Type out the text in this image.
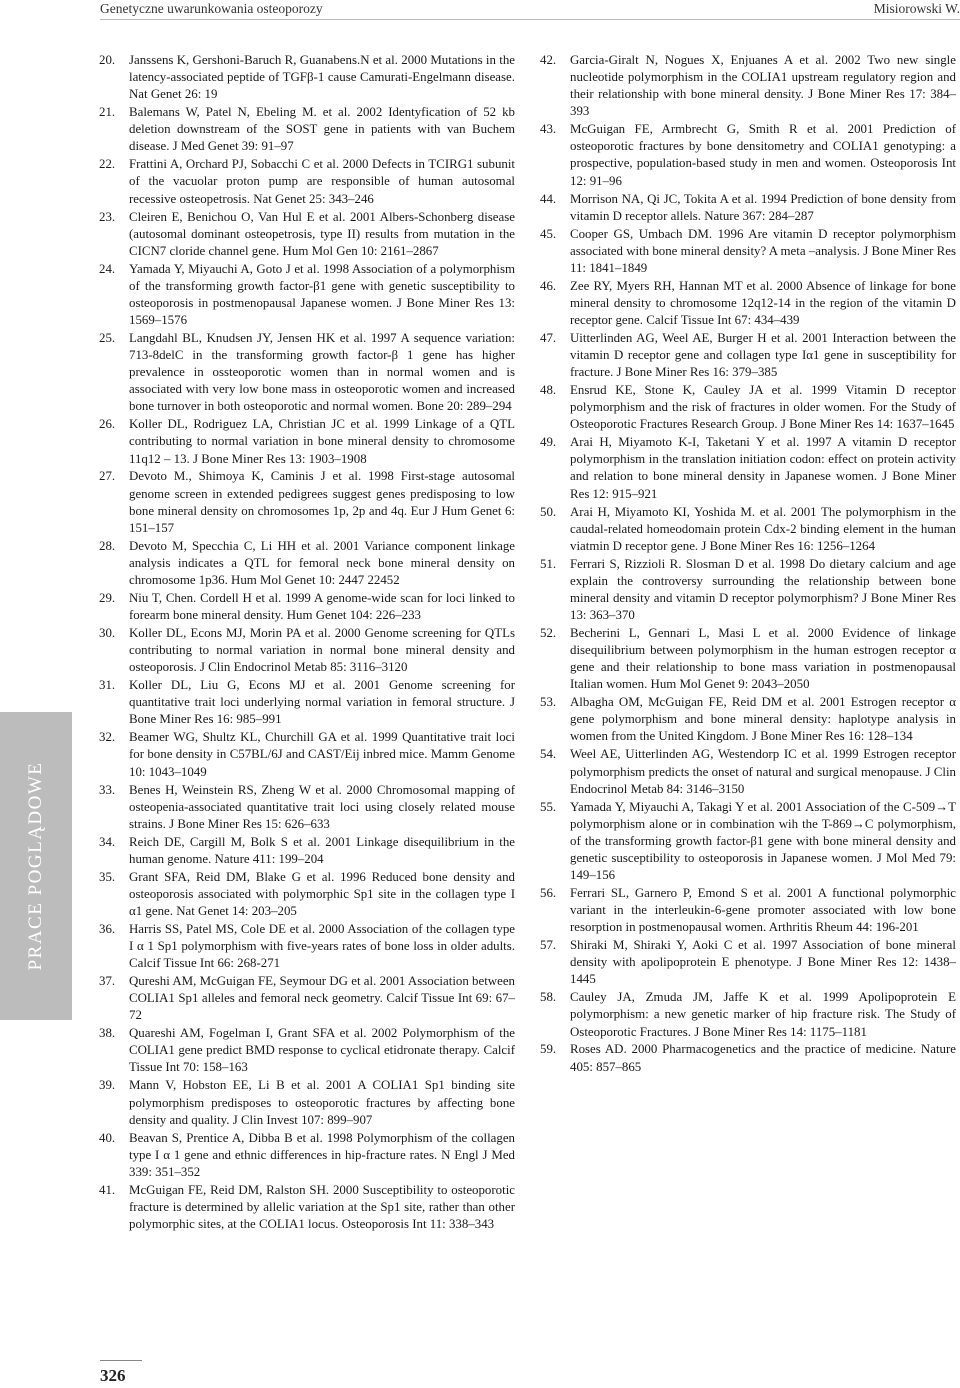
Genetyczne uwarunkowania osteoporozy	Misiorowski W.
PRACE POGLĄDOWE
20. Janssens K, Gershoni-Baruch R, Guanabens.N et al. 2000 Mutations in the latency-associated peptide of TGFβ-1 cause Camurati-Engelmann disease. Nat Genet 26: 19
21. Balemans W, Patel N, Ebeling M. et al. 2002 Identyfication of 52 kb deletion downstream of the SOST gene in patients with van Buchem disease. J Med Genet 39: 91–97
22. Frattini A, Orchard PJ, Sobacchi C et al. 2000 Defects in TCIRG1 subunit of the vacuolar proton pump are responsible of human autosomal recessive osteopetrosis. Nat Genet 25: 343–246
23. Cleiren E, Benichou O, Van Hul E et al. 2001 Albers-Schonberg disease (autosomal dominant osteopetrosis, type II) results from mutation in the CICN7 cloride channel gene. Hum Mol Gen 10: 2161–2867
24. Yamada Y, Miyauchi A, Goto J et al. 1998 Association of a polymorphism of the transforming growth factor-β1 gene with genetic susceptibility to osteoporosis in postmenopausal Japanese women. J Bone Miner Res 13: 1569–1576
25. Langdahl BL, Knudsen JY, Jensen HK et al. 1997 A sequence variation: 713-8delC in the transforming growth factor-β 1 gene has higher prevalence in ossteoporotic women than in normal women and is associated with very low bone mass in osteoporotic women and increased bone turnover in both osteoporotic and normal women. Bone 20: 289–294
26. Koller DL, Rodriguez LA, Christian JC et al. 1999 Linkage of a QTL contributing to normal variation in bone mineral density to chromosome 11q12 – 13. J Bone Miner Res 13: 1903–1908
27. Devoto M., Shimoya K, Caminis J et al. 1998 First-stage autosomal genome screen in extended pedigrees suggest genes predisposing to low bone mineral density on chromosomes 1p, 2p and 4q. Eur J Hum Genet 6: 151–157
28. Devoto M, Specchia C, Li HH et al. 2001 Variance component linkage analysis indicates a QTL for femoral neck bone mineral density on chromosome 1p36. Hum Mol Genet 10: 2447 22452
29. Niu T, Chen. Cordell H et al. 1999 A genome-wide scan for loci linked to forearm bone mineral density. Hum Genet 104: 226–233
30. Koller DL, Econs MJ, Morin PA et al. 2000 Genome screening for QTLs contributing to normal variation in normal bone mineral density and osteoporosis. J Clin Endocrinol Metab 85: 3116–3120
31. Koller DL, Liu G, Econs MJ et al. 2001 Genome screening for quantitative trait loci underlying normal variation in femoral structure. J Bone Miner Res 16: 985–991
32. Beamer WG, Shultz KL, Churchill GA et al. 1999 Quantitative trait loci for bone density in C57BL/6J and CAST/Eij inbred mice. Mamm Genome 10: 1043–1049
33. Benes H, Weinstein RS, Zheng W et al. 2000 Chromosomal mapping of osteopenia-associated quantitative trait loci using closely related mouse strains. J Bone Miner Res 15: 626–633
34. Reich DE, Cargill M, Bolk S et al. 2001 Linkage disequilibrium in the human genome. Nature 411: 199–204
35. Grant SFA, Reid DM, Blake G et al. 1996 Reduced bone density and osteoporosis associated with polymorphic Sp1 site in the collagen type I α1 gene. Nat Genet 14: 203–205
36. Harris SS, Patel MS, Cole DE et al. 2000 Association of the collagen type I α 1 Sp1 polymorphism with five-years rates of bone loss in older adults. Calcif Tissue Int 66: 268-271
37. Qureshi AM, McGuigan FE, Seymour DG et al. 2001 Association between COLIA1 Sp1 alleles and femoral neck geometry. Calcif Tissue Int 69: 67–72
38. Quareshi AM, Fogelman I, Grant SFA et al. 2002 Polymorphism of the COLIA1 gene predict BMD response to cyclical etidronate therapy. Calcif Tissue Int 70: 158–163
39. Mann V, Hobston EE, Li B et al. 2001 A COLIA1 Sp1 binding site polymorphism predisposes to osteoporotic fractures by affecting bone density and quality. J Clin Invest 107: 899–907
40. Beavan S, Prentice A, Dibba B et al. 1998 Polymorphism of the collagen type I α 1 gene and ethnic differences in hip-fracture rates. N Engl J Med 339: 351–352
41. McGuigan FE, Reid DM, Ralston SH. 2000 Susceptibility to osteoporotic fracture is determined by allelic variation at the Sp1 site, rather than other polymorphic sites, at the COLIA1 locus. Osteoporosis Int 11: 338–343
42. Garcia-Giralt N, Nogues X, Enjuanes A et al. 2002 Two new single nucleotide polymorphism in the COLIA1 upstream regulatory region and their relationship with bone mineral density. J Bone Miner Res 17: 384–393
43. McGuigan FE, Armbrecht G, Smith R et al. 2001 Prediction of osteoporotic fractures by bone densitometry and COLIA1 genotyping: a prospective, population-based study in men and women. Osteoporosis Int 12: 91–96
44. Morrison NA, Qi JC, Tokita A et al. 1994 Prediction of bone density from vitamin D receptor allels. Nature 367: 284–287
45. Cooper GS, Umbach DM. 1996 Are vitamin D receptor polymorphism associated with bone mineral density? A meta –analysis. J Bone Miner Res 11: 1841–1849
46. Zee RY, Myers RH, Hannan MT et al. 2000 Absence of linkage for bone mineral density to chromosome 12q12-14 in the region of the vitamin D receptor gene. Calcif Tissue Int 67: 434–439
47. Uitterlinden AG, Weel AE, Burger H et al. 2001 Interaction between the vitamin D receptor gene and collagen type Iα1 gene in susceptibility for fracture. J Bone Miner Res 16: 379–385
48. Ensrud KE, Stone K, Cauley JA et al. 1999 Vitamin D receptor polymorphism and the risk of fractures in older women. For the Study of Osteoporotic Fractures Research Group. J Bone Miner Res 14: 1637–1645
49. Arai H, Miyamoto K-I, Taketani Y et al. 1997 A vitamin D receptor polymorphism in the translation initiation codon: effect on protein activity and relation to bone mineral density in Japanese women. J Bone Miner Res 12: 915–921
50. Arai H, Miyamoto KI, Yoshida M. et al. 2001 The polymorphism in the caudal-related homeodomain protein Cdx-2 binding element in the human viatmin D receptor gene. J Bone Miner Res 16: 1256–1264
51. Ferrari S, Rizzioli R. Slosman D et al. 1998 Do dietary calcium and age explain the controversy surrounding the relationship between bone mineral density and vitamin D receptor polymorphism? J Bone Miner Res 13: 363–370
52. Becherini L, Gennari L, Masi L et al. 2000 Evidence of linkage disequilibrium between polymorphism in the human estrogen receptor α gene and their relationship to bone mass variation in postmenopausal Italian women. Hum Mol Genet 9: 2043–2050
53. Albagha OM, McGuigan FE, Reid DM et al. 2001 Estrogen receptor α gene polymorphism and bone mineral density: haplotype analysis in women from the United Kingdom. J Bone Miner Res 16: 128–134
54. Weel AE, Uitterlinden AG, Westendorp IC et al. 1999 Estrogen receptor polymorphism predicts the onset of natural and surgical menopause. J Clin Endocrinol Metab 84: 3146–3150
55. Yamada Y, Miyauchi A, Takagi Y et al. 2001 Association of the C-509→T polymorphism alone or in combination wih the T-869→C polymorphism, of the transforming growth factor-β1 gene with bone mineral density and genetic susceptibility to osteoporosis in Japanese women. J Mol Med 79: 149–156
56. Ferrari SL, Garnero P, Emond S et al. 2001 A functional polymorphic variant in the interleukin-6-gene promoter associated with low bone resorption in postmenopausal women. Arthritis Rheum 44: 196-201
57. Shiraki M, Shiraki Y, Aoki C et al. 1997 Association of bone mineral density with apolipoprotein E phenotype. J Bone Miner Res 12: 1438–1445
58. Cauley JA, Zmuda JM, Jaffe K et al. 1999 Apolipoprotein E polymorphism: a new genetic marker of hip fracture risk. The Study of Osteoporotic Fractures. J Bone Miner Res 14: 1175–1181
59. Roses AD. 2000 Pharmacogenetics and the practice of medicine. Nature 405: 857–865
326
